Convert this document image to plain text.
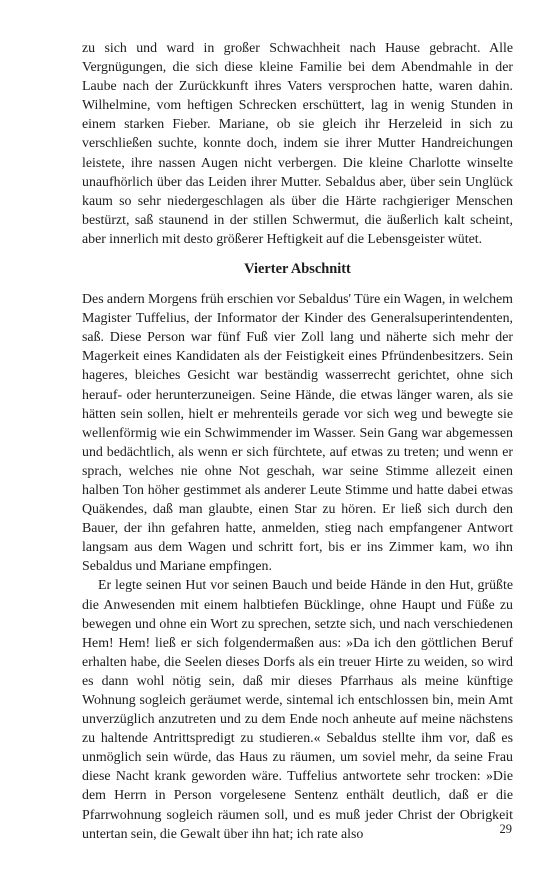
zu sich und ward in großer Schwachheit nach Hause gebracht. Alle Vergnügungen, die sich diese kleine Familie bei dem Abendmahle in der Laube nach der Zurückkunft ihres Vaters versprochen hatte, waren dahin. Wilhelmine, vom heftigen Schrecken erschüttert, lag in wenig Stunden in einem starken Fieber. Mariane, ob sie gleich ihr Herzeleid in sich zu verschließen suchte, konnte doch, indem sie ihrer Mutter Handreichungen leistete, ihre nassen Augen nicht verbergen. Die kleine Charlotte winselte unaufhörlich über das Leiden ihrer Mutter. Sebaldus aber, über sein Unglück kaum so sehr niedergeschlagen als über die Härte rachgieriger Menschen bestürzt, saß staunend in der stillen Schwermut, die äußerlich kalt scheint, aber innerlich mit desto größerer Heftigkeit auf die Lebensgeister wütet.

Vierter Abschnitt

Des andern Morgens früh erschien vor Sebaldus' Türe ein Wagen, in welchem Magister Tuffelius, der Informator der Kinder des Generalsuperintendenten, saß. Diese Person war fünf Fuß vier Zoll lang und näherte sich mehr der Magerkeit eines Kandidaten als der Feistigkeit eines Pfründenbesitzers. Sein hageres, bleiches Gesicht war beständig wasserrecht gerichtet, ohne sich herauf- oder herunterzuneigen. Seine Hände, die etwas länger waren, als sie hätten sein sollen, hielt er mehrenteils gerade vor sich weg und bewegte sie wellenförmig wie ein Schwimmender im Wasser. Sein Gang war abgemessen und bedächtlich, als wenn er sich fürchtete, auf etwas zu treten; und wenn er sprach, welches nie ohne Not geschah, war seine Stimme allezeit einen halben Ton höher gestimmet als anderer Leute Stimme und hatte dabei etwas Quäkendes, daß man glaubte, einen Star zu hören. Er ließ sich durch den Bauer, der ihn gefahren hatte, anmelden, stieg nach empfangener Antwort langsam aus dem Wagen und schritt fort, bis er ins Zimmer kam, wo ihn Sebaldus und Mariane empfingen.

Er legte seinen Hut vor seinen Bauch und beide Hände in den Hut, grüßte die Anwesenden mit einem halbtiefen Bücklinge, ohne Haupt und Füße zu bewegen und ohne ein Wort zu sprechen, setzte sich, und nach verschiedenen Hem! Hem! ließ er sich folgendermaßen aus: »Da ich den göttlichen Beruf erhalten habe, die Seelen dieses Dorfs als ein treuer Hirte zu weiden, so wird es dann wohl nötig sein, daß mir dieses Pfarrhaus als meine künftige Wohnung sogleich geräumet werde, sintemal ich entschlossen bin, mein Amt unverzüglich anzutreten und zu dem Ende noch anheute auf meine nächstens zu haltende Antrittspredigt zu studieren.« Sebaldus stellte ihm vor, daß es unmöglich sein würde, das Haus zu räumen, um soviel mehr, da seine Frau diese Nacht krank geworden wäre. Tuffelius antwortete sehr trocken: »Die dem Herrn in Person vorgelesene Sentenz enthält deutlich, daß er die Pfarrwohnung sogleich räumen soll, und es muß jeder Christ der Obrigkeit untertan sein, die Gewalt über ihn hat; ich rate also	29
